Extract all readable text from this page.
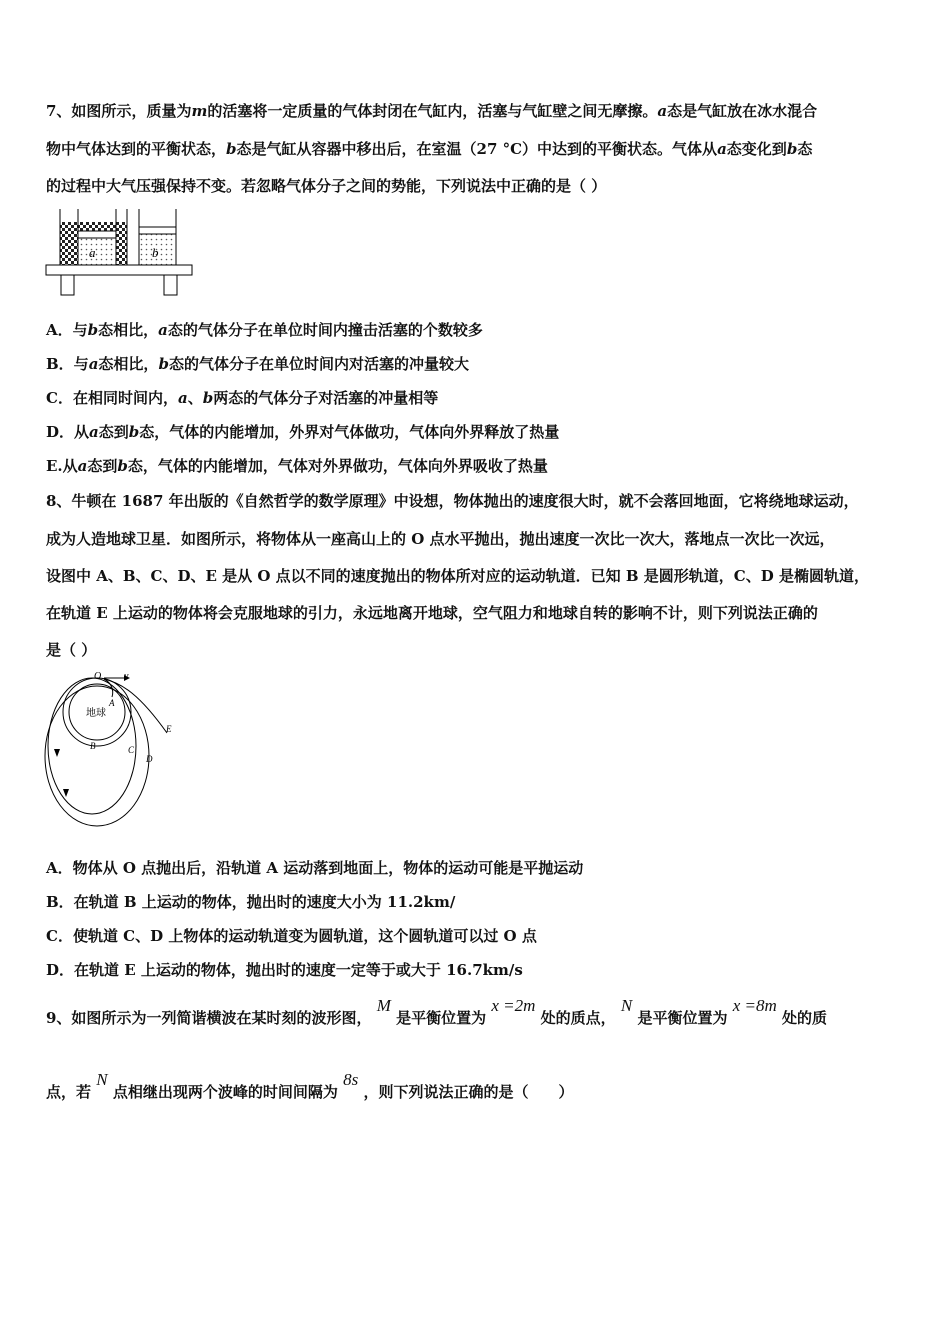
7、如图所示，质量为m的活塞将一定质量的气体封闭在气缸内，活塞与气缸壁之间无摩擦。a态是气缸放在冰水混合
物中气体达到的平衡状态，b态是气缸从容器中移出后，在室温（27 °C）中达到的平衡状态。气体从a态变化到b态
的过程中大气压强保持不变。若忽略气体分子之间的势能，下列说法中正确的是（ ）
a	b
A．与b态相比，a态的气体分子在单位时间内撞击活塞的个数较多
B．与a态相比，b态的气体分子在单位时间内对活塞的冲量较大
C．在相同时间内，a、b两态的气体分子对活塞的冲量相等
D．从a态到b态，气体的内能增加，外界对气体做功，气体向外界释放了热量
E.从a态到b态，气体的内能增加，气体对外界做功，气体向外界吸收了热量
8、牛顿在 1687 年出版的《自然哲学的数学原理》中设想，物体抛出的速度很大时，就不会落回地面，它将绕地球运动，
成为人造地球卫星．如图所示，将物体从一座高山上的 O 点水平抛出，抛出速度一次比一次大，落地点一次比一次远，
设图中 A、B、C、D、E 是从 O 点以不同的速度抛出的物体所对应的运动轨道．已知 B 是圆形轨道，C、D 是椭圆轨道，
在轨道 E 上运动的物体将会克服地球的引力，永远地离开地球，空气阻力和地球自转的影响不计，则下列说法正确的
是（ ）
O v
地球
A
B	C
D
E
A．物体从 O 点抛出后，沿轨道 A 运动落到地面上，物体的运动可能是平抛运动
B．在轨道 B 上运动的物体，抛出时的速度大小为 11.2km/
C．使轨道 C、D 上物体的运动轨道变为圆轨道，这个圆轨道可以过 O 点
D．在轨道 E 上运动的物体，抛出时的速度一定等于或大于 16.7km/s
9、如图所示为一列简谐横波在某时刻的波形图， M 是平衡位置为 x =2m 处的质点， N 是平衡位置为 x =8m 处的质
点，若 N 点相继出现两个波峰的时间间隔为 8s ，则下列说法正确的是（　　）
